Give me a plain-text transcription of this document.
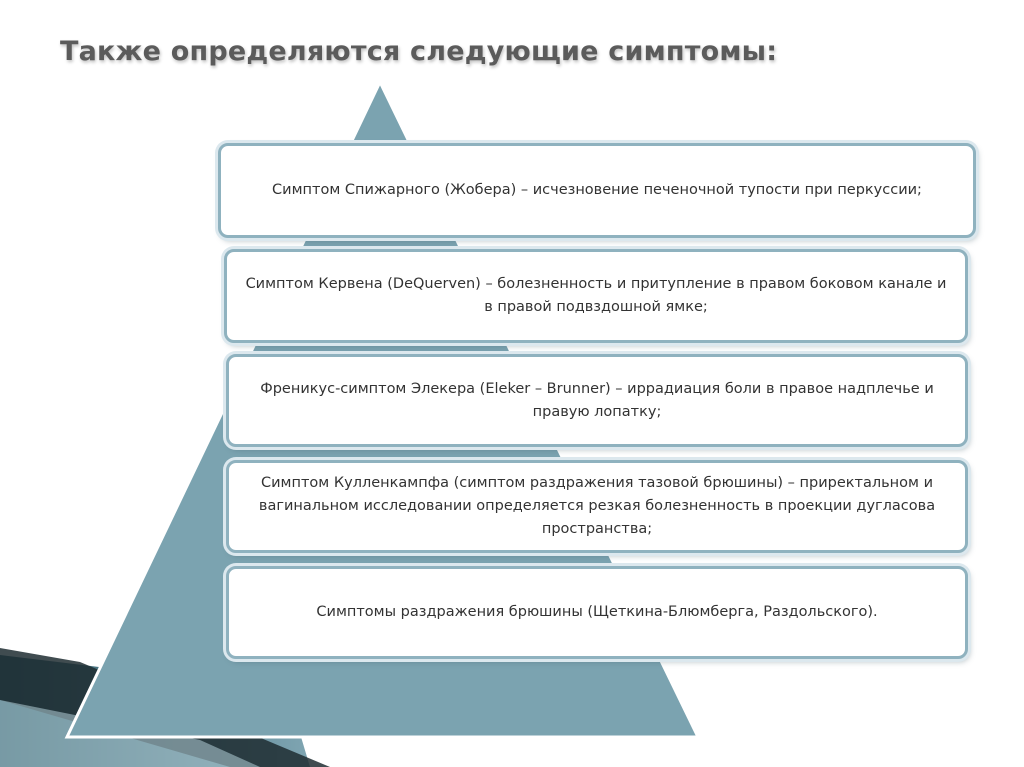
Также определяются следующие симптомы:
Симптом Спижарного (Жобера) – исчезновение печеночной тупости при перкуссии;
Симптом Кервена (DeQuerven) – болезненность и притупление в правом боковом канале и в правой подвздошной ямке;
Френикус-симптом Элекера (Eleker – Brunner) – иррадиация боли в правое надплечье и правую лопатку;
Симптом Кулленкампфа (симптом раздражения тазовой брюшины) – приректальном и вагинальном исследовании определяется резкая болезненность в проекции дугласова пространства;
Симптомы раздражения брюшины (Щеткина-Блюмберга, Раздольского).
